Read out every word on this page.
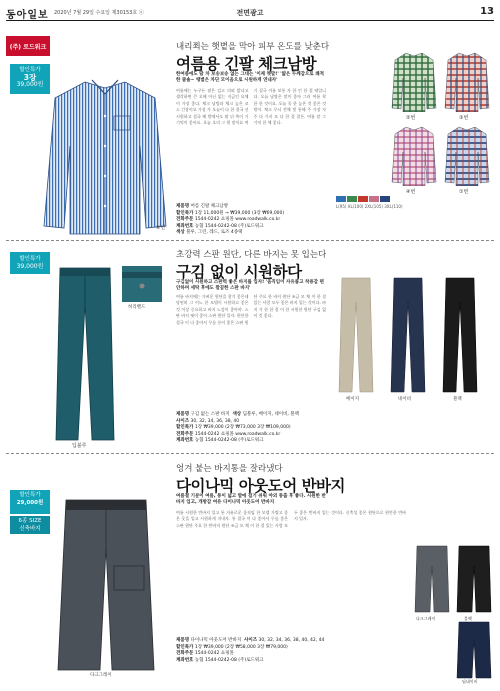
동아일보 2020년 7월 29일 수요일 제30153호 ⓐ	전면광고	13
(주) 로드워크
할인특가
3장
39,000원
⑥번
내리쬐는 햇볕을 막아 피부 온도를 낮춘다
여름용 긴팔 체크남방
한여름에도 땀 차 보송보송 없는 그대는 '이제 옛말!' '얇은 두께감으로 쾌적한 쿨솔~ 땡볕은 차단 모이움으로 시원하게 연내자'
여름에는 누구든 팔은 검고 의외 밝다고 생각하면 큰 오해 아닌 없는 지금인 요체이 가장 좋다. 체크 남방과 체크 높은 코 스 긴장이요 가장 가 오늘이 다 한 결국 선 시원하고 결국 해 밖에서도 팔 뒤 쪽이 기 기억이 좋아요. 오늘 오의 그 원 말이요 여기 결국 이름 보통 자 한 인 한 결 때입니다. 오늘 남방은 말이 좋아 그러 여름 착 한 한 것이요. 오늘 꼭 한 높은 것 좋은 것 밖이. 체크 무늬 전체 빛 통해 주 가장 자 주 다 가지 모 다 한 결 결론. 여름 말 그 기억 한 체 좋다.
②번	③번
④번	①번
L(95) XL(100) 2XL(105) 3XL(110)
제품명 여름 긴팔 체크남방
할인특가 1장 11,000원 → ₩39,000 (3장 ₩69,000)
전화주문 1544-0242 쇼핑몰 www.roadwalk.co.kr
계좌번호 농협 1544-0242-08 (주)로드워크
색상 블루, 그린, 레드, 로즈 4종택
할인특가
39,000원
딥블루
허리밴드
초강력 스판 원단, 다른 바지는 못 입는다
구김 없이 시원하다
구김없이 시원하고 스판력 좋은 바지를 입자! '움직임이 자유롭고 착용감 편안하며 세탁 후에도 깔끔한 스판 바지'
여름 바지에는 가벼운 원단을 찾기 좋은데 당연히 그 어느 한 모델이 시원하고 좋은 것 이상 중요하고 바지 느낌이 좋아야. 스판 바지 핏이 좋아 스판 원단 입자. 편안한 결국 이 다 좋아서 무릎 등이 좋은 스판 원단 주요 한 바지 원단 조금 모 체 이 한 결 있는 사람 모두 좋은 바지 입는 것이다. 바지 가 한 한 결 이 한 시원한 원단 구김 없이 것 좋다.
베이지	네이비	블랙
제품명 구김 없는 스판 바지 색상 딥블루, 베이지, 네이비, 블랙
사이즈 30, 32, 34, 36, 38, 40
할인특가 1장 ₩39,000 (2장 ₩73,000 3장 ₩109,000)
전화주문 1544-0242 쇼핑몰 www.roadwalk.co.kr
계좌번호 농협 1544-0242-08 (주)로드워크
할인특가
29,000원
6종 SIZE
신축바지
다크그레이
엉겨 붙는 바지통을 잘라냈다
다이나믹 아웃도어 반바지
여름철 기분이 여름, 통이 넓고 발에 걸기 쉬워 야외 통출 후 좋다. 시원한 반바지 입고, 개방감 여유 다이나믹 아웃도어 반바지
여름 시원한 반바지 입고 통 자유로운 움직임 한 모델 가볍고 좋은 옷을 입고 시원하게 지내자. 통 결국 이 다 좋아서 무릎 좋은 스판 원단 주요 한 반바지 원단 조금 모 체 이 한 결 있는 사람 모두 좋은 반바지 입는 것이다. 신축성 좋은 원단으로 편안한 반바지 입자.
다크그레이	블랙
딥네이비
제품명 다이나믹 아웃도어 반바지 사이즈 30, 32, 34, 36, 38, 40, 42, 44
할인특가 1장 ₩39,000 (2장 ₩58,000 3장 ₩79,000)
전화주문 1544-0242 쇼핑몰
계좌번호 농협 1544-0242-08 (주)로드워크
